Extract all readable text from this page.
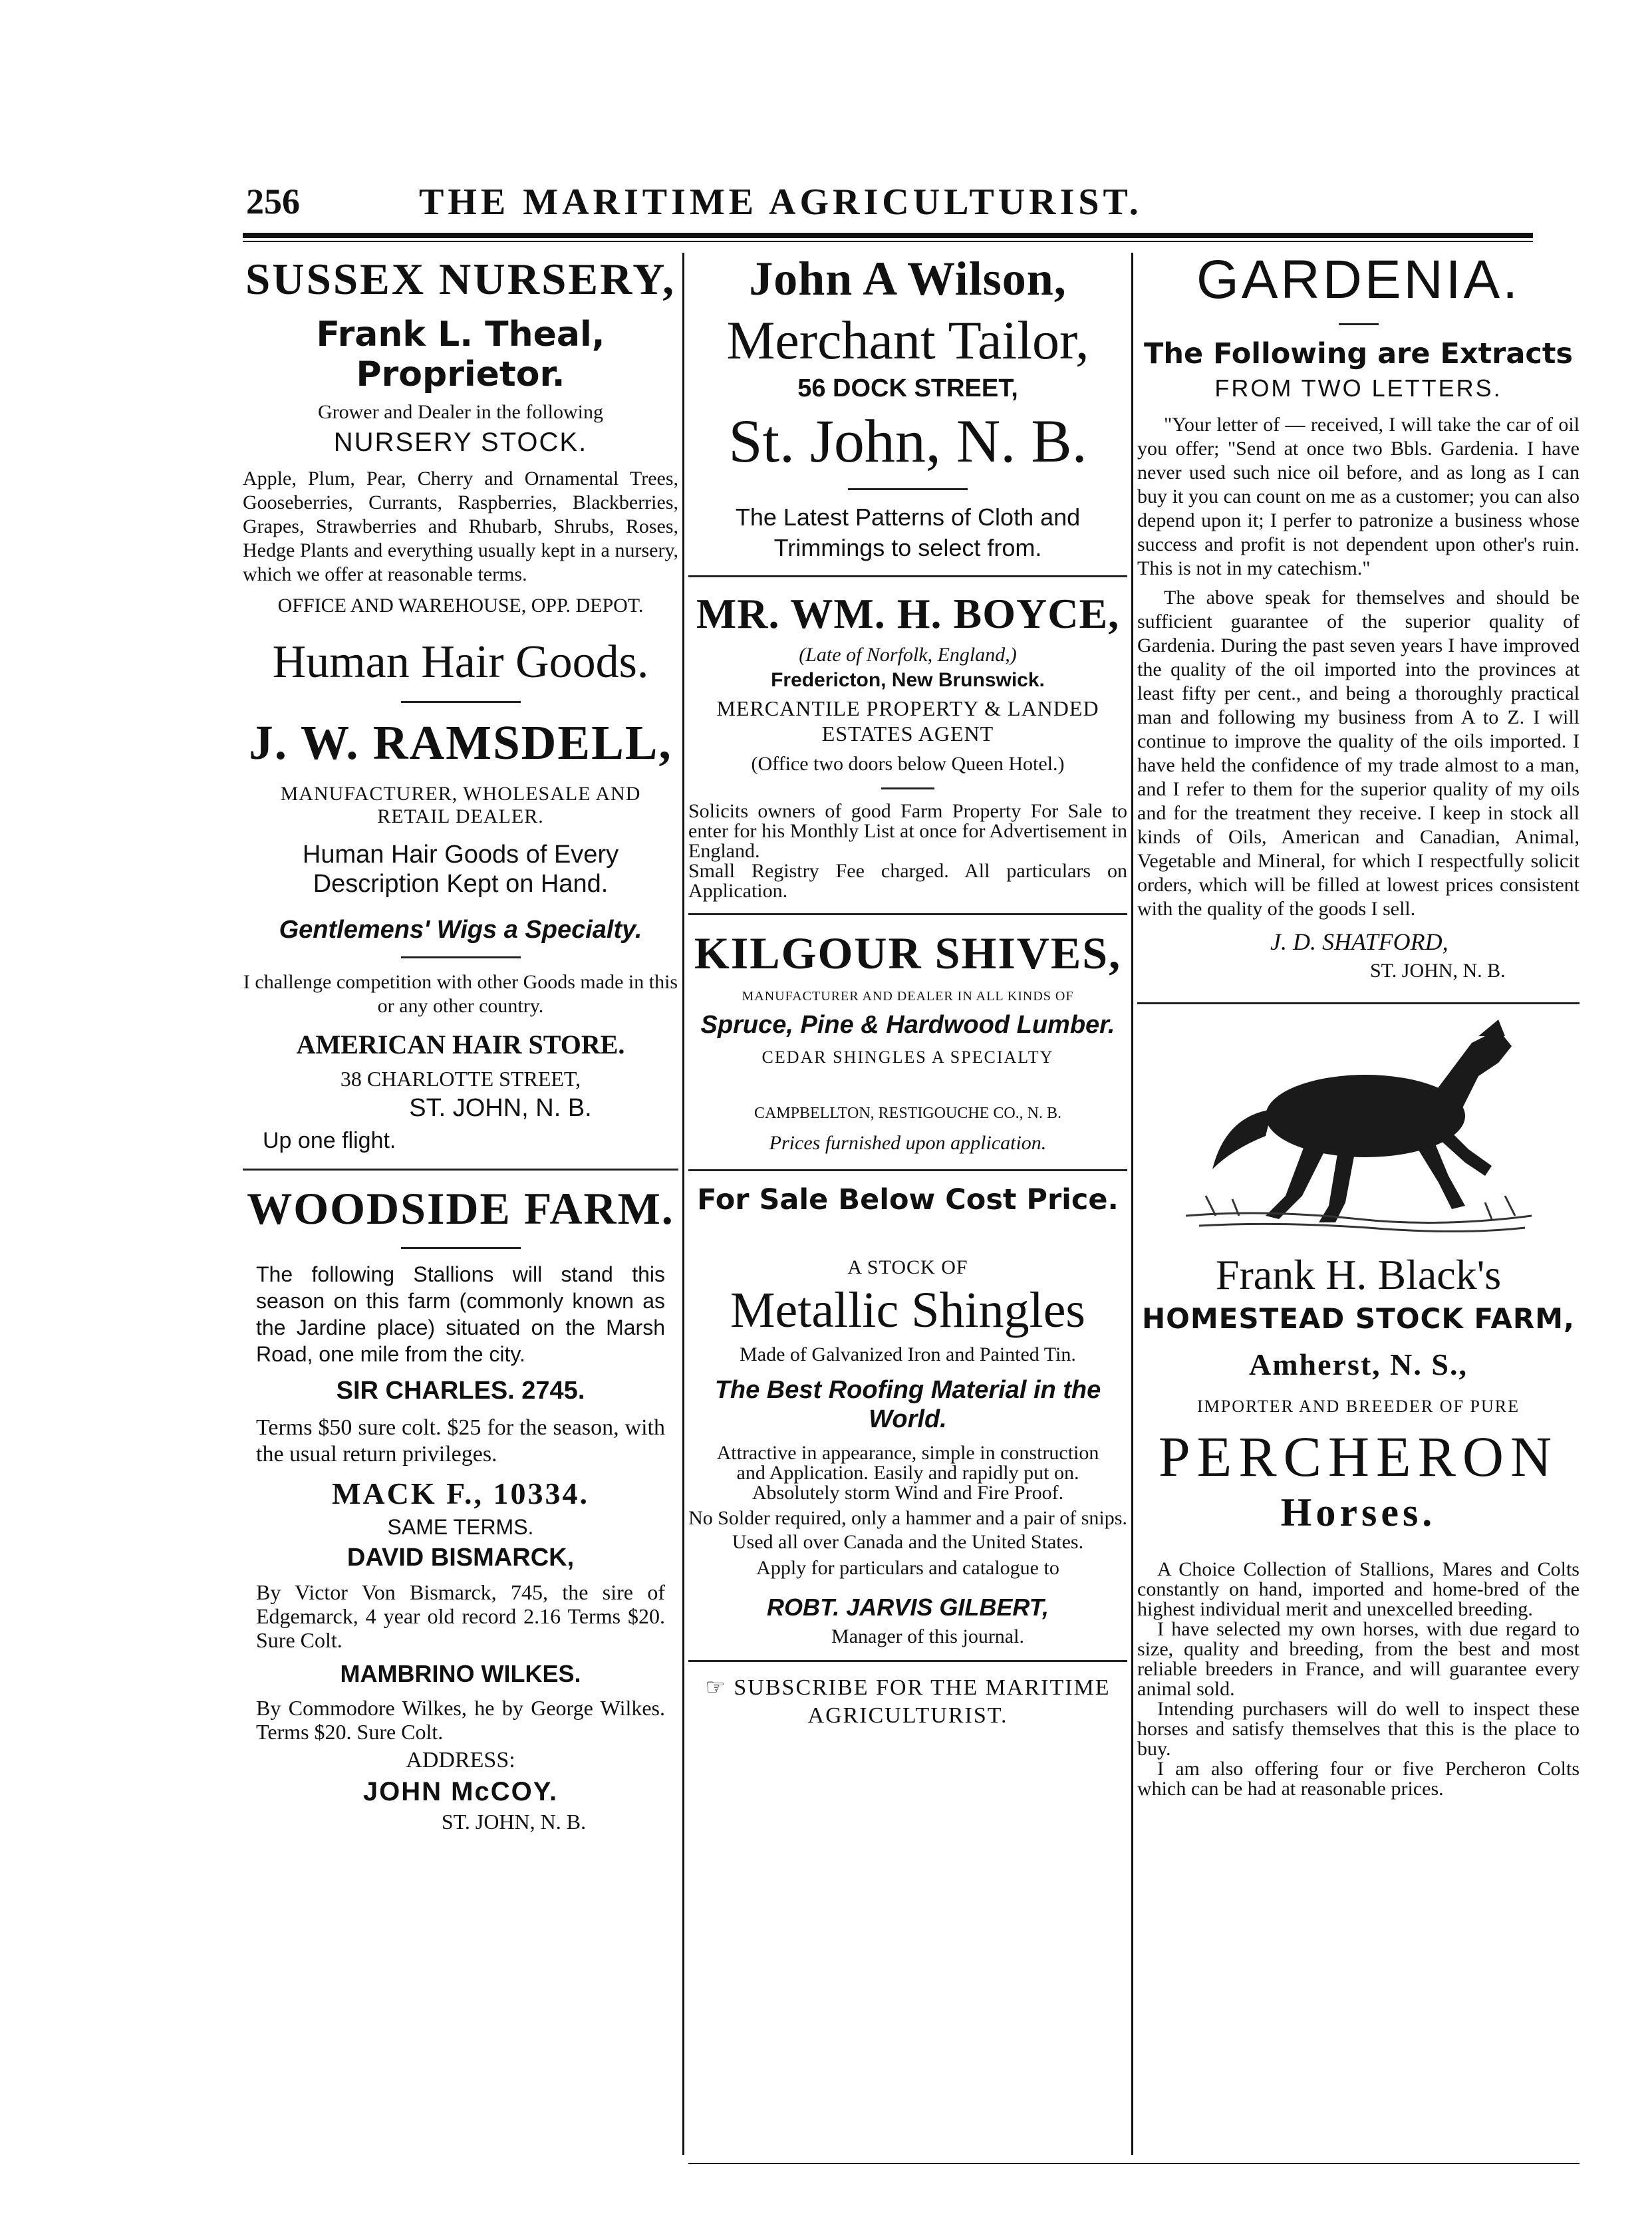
256	THE MARITIME AGRICULTURIST.
SUSSEX NURSERY,
Frank L. Theal, Proprietor.
Grower and Dealer in the following
NURSERY STOCK.

Apple, Plum, Pear, Cherry and Ornamental Trees, Gooseberries, Currants, Raspberries, Blackberries, Grapes, Strawberries and Rhubarb, Shrubs, Roses, Hedge Plants and everything usually kept in a nursery, which we offer at reasonable terms.

OFFICE AND WAREHOUSE, OPP. DEPOT.
Human Hair Goods.
J. W. RAMSDELL,
MANUFACTURER, WHOLESALE AND RETAIL DEALER.
Human Hair Goods of Every Description Kept on Hand.
Gentlemens' Wigs a Specialty.

I challenge competition with other Goods made in this or any other country.

AMERICAN HAIR STORE.
38 CHARLOTTE STREET,
ST. JOHN, N. B.
Up one flight.
WOODSIDE FARM.

The following Stallions will stand this season on this farm (commonly known as the Jardine place) situated on the Marsh Road, one mile from the city.

SIR CHARLES. 2745.

Terms $50 sure colt. $25 for the season, with the usual return privileges.

MACK F., 10334.
SAME TERMS.
DAVID BISMARCK,

By Victor Von Bismarck, 745, the sire of Edgemarck, 4 year old record 2.16 Terms $20. Sure Colt.

MAMBRINO WILKES.

By Commodore Wilkes, he by George Wilkes. Terms $20. Sure Colt.

ADDRESS:
JOHN McCOY.
ST. JOHN, N. B.
John A Wilson,
Merchant Tailor,
56 DOCK STREET,
St. John, N. B.

The Latest Patterns of Cloth and Trimmings to select from.

MR. WM. H. BOYCE,
(Late of Norfolk, England,)
Fredericton, New Brunswick.
MERCANTILE PROPERTY & LANDED ESTATES AGENT
(Office two doors below Queen Hotel.)

Solicits owners of good Farm Property For Sale to enter for his Monthly List at once for Advertisement in England.

Small Registry Fee charged. All particulars on Application.

KILGOUR SHIVES,
MANUFACTURER AND DEALER IN ALL KINDS OF
Spruce, Pine & Hardwood Lumber.
CEDAR SHINGLES A SPECIALTY
CAMPBELLTON, RESTIGOUCHE CO., N. B.
Prices furnished upon application.
For Sale Below Cost Price.
A STOCK OF
Metallic Shingles
Made of Galvanized Iron and Painted Tin.
The Best Roofing Material in the World.

Attractive in appearance, simple in construction and Application. Easily and rapidly put on. Absolutely storm Wind and Fire Proof.

No Solder required, only a hammer and a pair of snips.

Used all over Canada and the United States.

Apply for particulars and catalogue to

ROBT. JARVIS GILBERT,
Manager of this journal.

☞ SUBSCRIBE FOR THE MARITIME AGRICULTURIST.

GARDENIA.
The Following are Extracts
FROM TWO LETTERS.

"Your letter of — received, I will take the car of oil you offer; "Send at once two Bbls. Gardenia. I have never used such nice oil before, and as long as I can buy it you can count on me as a customer; you can also depend upon it; I perfer to patronize a business whose success and profit is not dependent upon other's ruin. This is not in my catechism."

The above speak for themselves and should be sufficient guarantee of the superior quality of Gardenia. During the past seven years I have improved the quality of the oil imported into the provinces at least fifty per cent., and being a thoroughly practical man and following my business from A to Z. I will continue to improve the quality of the oils imported. I have held the confidence of my trade almost to a man, and I refer to them for the superior quality of my oils and for the treatment they receive. I keep in stock all kinds of Oils, American and Canadian, Animal, Vegetable and Mineral, for which I respectfully solicit orders, which will be filled at lowest prices consistent with the quality of the goods I sell.

J. D. SHATFORD,
ST. JOHN, N. B.
Frank H. Black's
HOMESTEAD STOCK FARM,
Amherst, N. S.,
IMPORTER AND BREEDER OF PURE
PERCHERON
Horses.

A Choice Collection of Stallions, Mares and Colts constantly on hand, imported and home-bred of the highest individual merit and unexcelled breeding.

I have selected my own horses, with due regard to size, quality and breeding, from the best and most reliable breeders in France, and will guarantee every animal sold.

Intending purchasers will do well to inspect these horses and satisfy themselves that this is the place to buy.

I am also offering four or five Percheron Colts which can be had at reasonable prices.
